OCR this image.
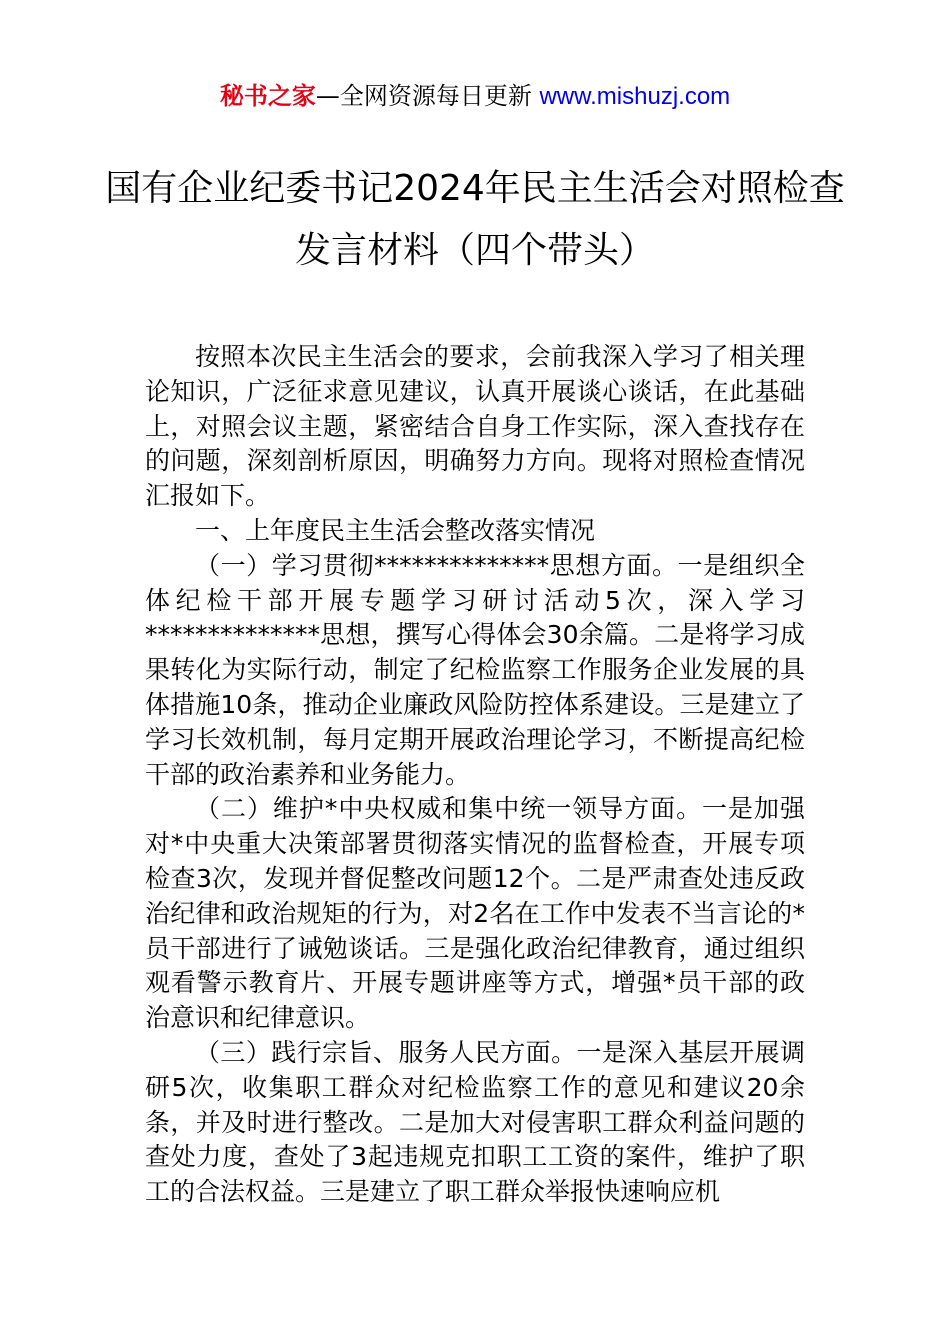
秘书之家—全网资源每日更新 www.mishuzj.com
国有企业纪委书记2024年民主生活会对照检查发言材料（四个带头）

按照本次民主生活会的要求，会前我深入学习了相关理论知识，广泛征求意见建议，认真开展谈心谈话，在此基础上，对照会议主题，紧密结合自身工作实际，深入查找存在的问题，深刻剖析原因，明确努力方向。现将对照检查情况汇报如下。

一、上年度民主生活会整改落实情况

（一）学习贯彻**************思想方面。一是组织全体纪检干部开展专题学习研讨活动5次，深入学习**************思想，撰写心得体会30余篇。二是将学习成果转化为实际行动，制定了纪检监察工作服务企业发展的具体措施10条，推动企业廉政风险防控体系建设。三是建立了学习长效机制，每月定期开展政治理论学习，不断提高纪检干部的政治素养和业务能力。

（二）维护*中央权威和集中统一领导方面。一是加强对*中央重大决策部署贯彻落实情况的监督检查，开展专项检查3次，发现并督促整改问题12个。二是严肃查处违反政治纪律和政治规矩的行为，对2名在工作中发表不当言论的*员干部进行了诫勉谈话。三是强化政治纪律教育，通过组织观看警示教育片、开展专题讲座等方式，增强*员干部的政治意识和纪律意识。

（三）践行宗旨、服务人民方面。一是深入基层开展调研5次，收集职工群众对纪检监察工作的意见和建议20余条，并及时进行整改。二是加大对侵害职工群众利益问题的查处力度，查处了3起违规克扣职工工资的案件，维护了职工的合法权益。三是建立了职工群众举报快速响应机
